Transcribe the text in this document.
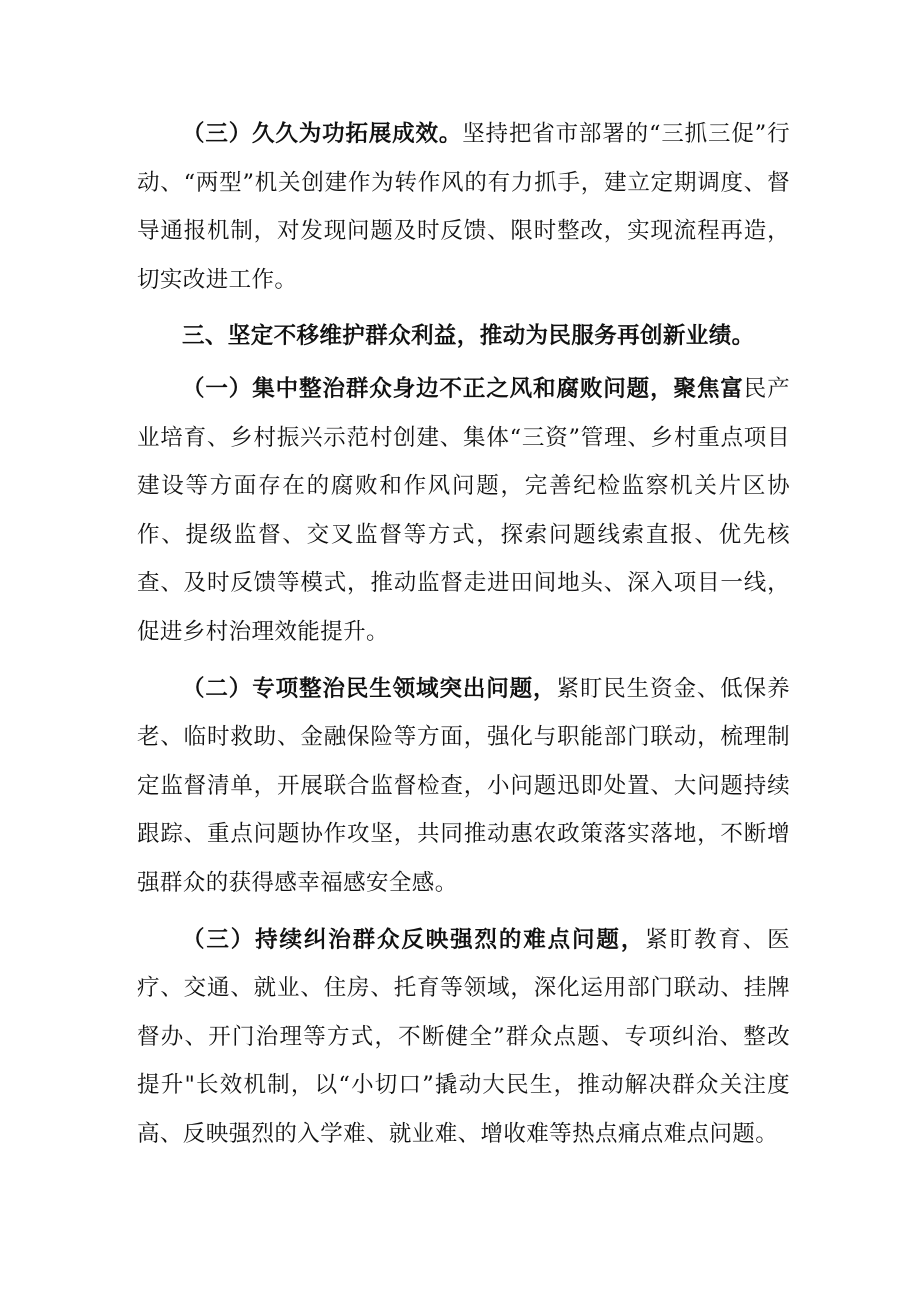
（三）久久为功拓展成效。坚持把省市部署的“三抓三促”行动、“两型”机关创建作为转作风的有力抓手，建立定期调度、督导通报机制，对发现问题及时反馈、限时整改，实现流程再造，切实改进工作。

三、坚定不移维护群众利益，推动为民服务再创新业绩。

（一）集中整治群众身边不正之风和腐败问题，聚焦富民产业培育、乡村振兴示范村创建、集体“三资”管理、乡村重点项目建设等方面存在的腐败和作风问题，完善纪检监察机关片区协作、提级监督、交叉监督等方式，探索问题线索直报、优先核查、及时反馈等模式，推动监督走进田间地头、深入项目一线，促进乡村治理效能提升。

（二）专项整治民生领域突出问题，紧盯民生资金、低保养老、临时救助、金融保险等方面，强化与职能部门联动，梳理制定监督清单，开展联合监督检查，小问题迅即处置、大问题持续跟踪、重点问题协作攻坚，共同推动惠农政策落实落地，不断增强群众的获得感幸福感安全感。

（三）持续纠治群众反映强烈的难点问题，紧盯教育、医疗、交通、就业、住房、托育等领域，深化运用部门联动、挂牌督办、开门治理等方式，不断健全”群众点题、专项纠治、整改提升"长效机制，以“小切口”撬动大民生，推动解决群众关注度高、反映强烈的入学难、就业难、增收难等热点痛点难点问题。
